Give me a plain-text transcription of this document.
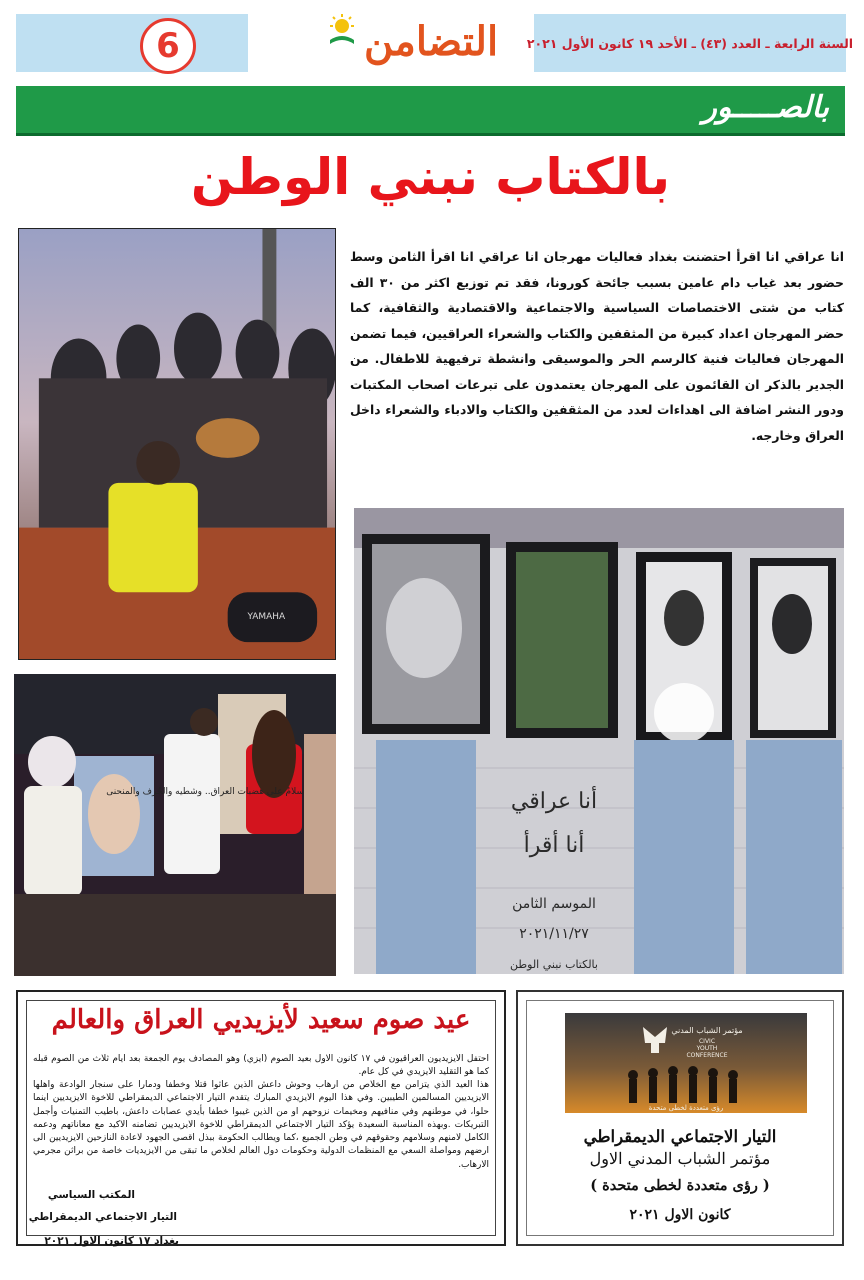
السنة الرابعة ـ العدد (٤٣) ـ الأحد ١٩ كانون الأول ٢٠٢١
6	التضامن
بالصـــــور
بالكتاب نبني الوطن
انا عراقي انا اقرأ احتضنت بغداد فعاليات مهرجان انا عراقي انا اقرأ الثامن وسط حضور بعد غياب دام عامين بسبب جائحة كورونا، فقد تم توزيع اكثر من ٣٠ الف كتاب من شتى الاختصاصات السياسية والاجتماعية والاقتصادية والثقافية، كما حضر المهرجان اعداد كبيرة من المثقفين والكتاب والشعراء العراقيين، فيما تضمن المهرجان فعاليات فنية كالرسم الحر والموسيقى وانشطة ترفيهية للاطفال. من الجدير بالذكر ان القائمون على المهرجان يعتمدون على تبرعات اصحاب المكتبات ودور النشر اضافة الى اهداءات لعدد من المثقفين والكتاب والادباء والشعراء داخل العراق وخارجه.
YAMAHA
أنا عراقي
أنا أقرأ
الموسم الثامن
٢٠٢١/١١/٢٧
بالكتاب نبني الوطن
سلامٌ على هضبات العراق.. وشطيه والجُرف والمنحنى
عيد صوم سعيد لأيزيديي العراق والعالم
احتفل الايزيديون العراقيون في ١٧ كانون الاول بعيد الصوم (ايزي) وهو المصادف يوم الجمعة بعد ايام ثلاث من الصوم قبله كما هو التقليد الايزيدي في كل عام.
هذا العيد الذي يتزامن مع الخلاص من ارهاب وحوش داعش الذين عاثوا قتلا وخطفا ودمارا على سنجار الوادعة واهلها الايزيديين المسالمين الطيبين. وفي هذا اليوم الايزيدي المبارك يتقدم التيار الاجتماعي الديمقراطي للاخوة الايزيديين اينما حلوا، في موطنهم وفي منافيهم ومخيمات نزوحهم او من الذين غيبوا خطفا بأيدي عصابات داعش، باطيب التمنيات وأجمل التبريكات .وبهذه المناسبة السعيدة يؤكد التيار الاجتماعي الديمقراطي للاخوة الايزيديين تضامنه الاكيد مع معاناتهم ودعمه الكامل لامنهم وسلامهم وحقوقهم في وطن الجميع ،كما ويطالب الحكومة ببذل اقصى الجهود لاعادة النازحين الايزيديين الى ارضهم ومواصلة السعي مع المنظمات الدولية وحكومات دول العالم لخلاص ما تبقى من الايزيديات خاصة من براثن مجرمي الارهاب.
المكتب السياسي
التيار الاجتماعي الديمقراطي
بغداد ١٧ كانون الاول ٢٠٢١
مؤتمر الشباب المدني
CIVIC
YOUTH
CONFERENCE
رؤى متعددة لخطى متحدة
التيار الاجتماعي الديمقراطي
مؤتمر الشباب المدني الاول
( رؤى متعددة لخطى متحدة )
كانون الاول ٢٠٢١
